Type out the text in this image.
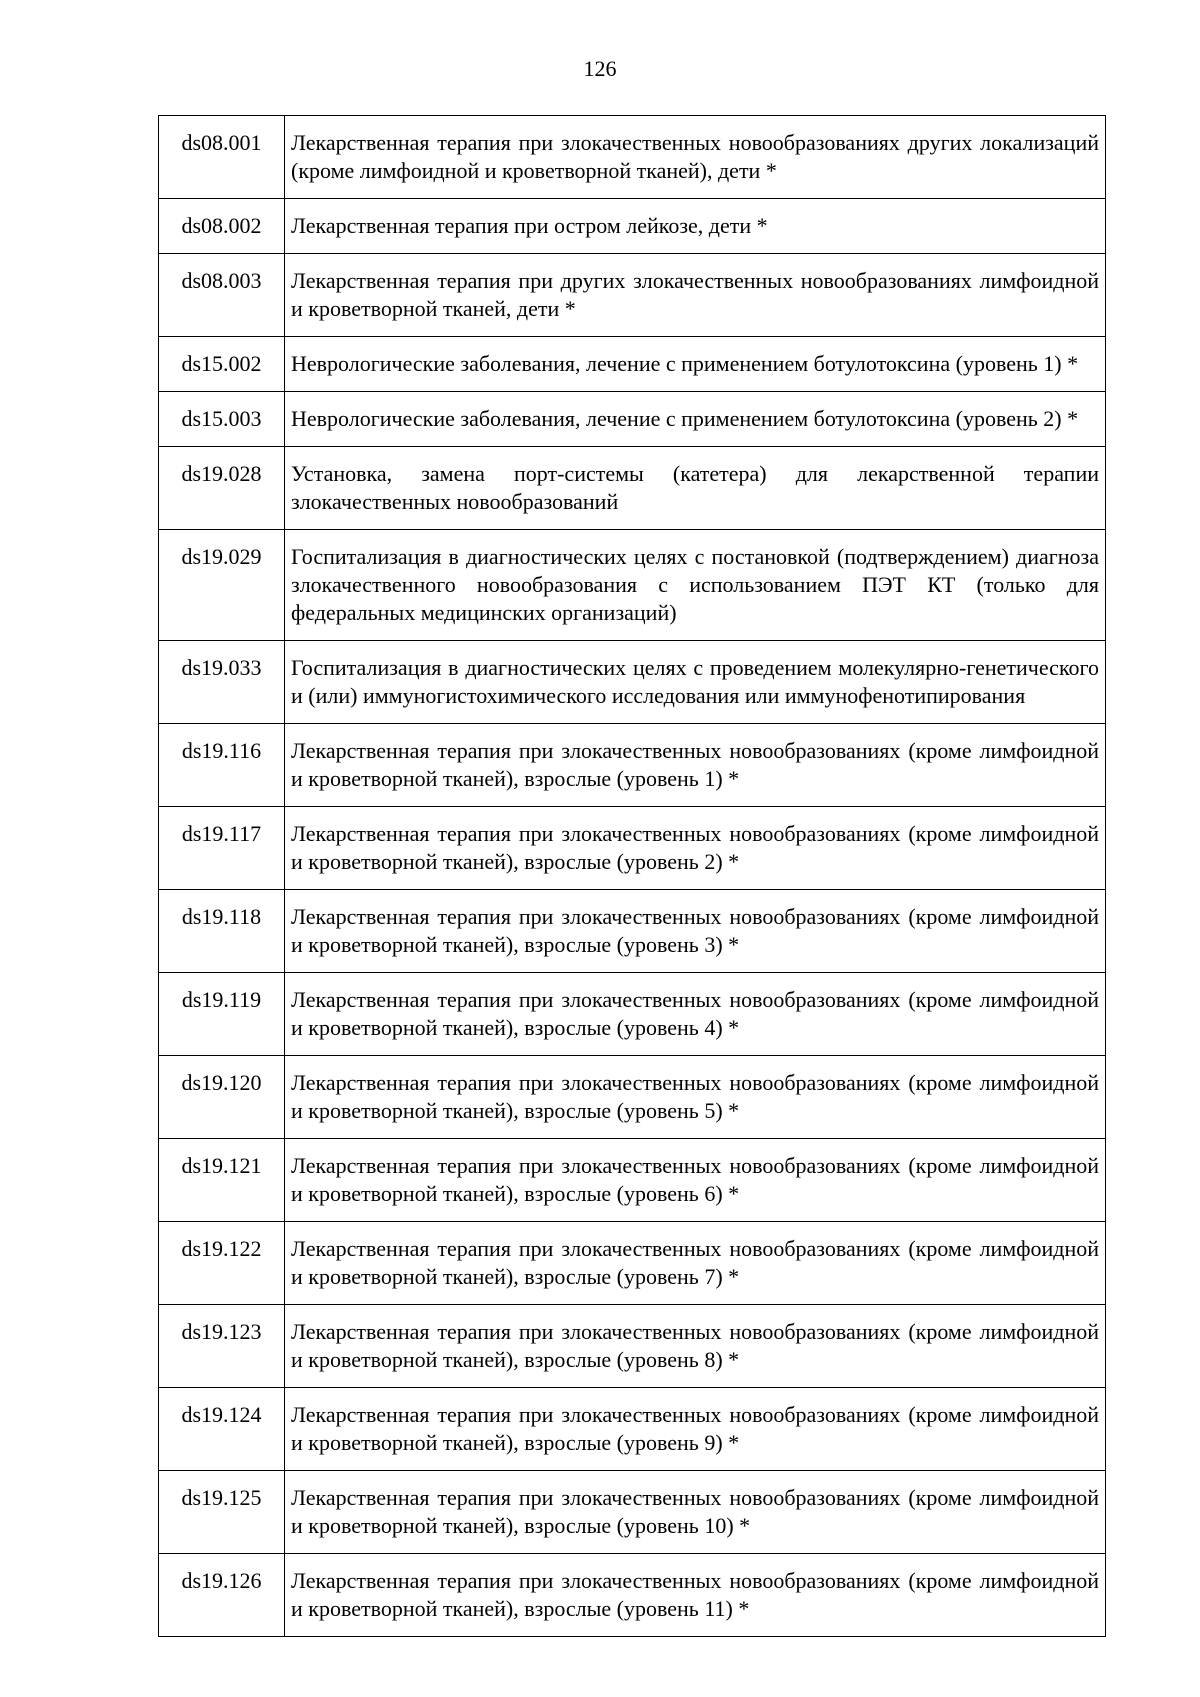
126
ds08.001	Лекарственная терапия при злокачественных новообразованиях других локализаций (кроме лимфоидной и кроветворной тканей), дети *
ds08.002	Лекарственная терапия при остром лейкозе, дети *
ds08.003	Лекарственная терапия при других злокачественных новообразованиях лимфоидной и кроветворной тканей, дети *
ds15.002	Неврологические заболевания, лечение с применением ботулотоксина (уровень 1) *
ds15.003	Неврологические заболевания, лечение с применением ботулотоксина (уровень 2) *
ds19.028	Установка, замена порт-системы (катетера) для лекарственной терапии злокачественных новообразований
ds19.029	Госпитализация в диагностических целях с постановкой (подтверждением) диагноза злокачественного новообразования с использованием ПЭТ КТ (только для федеральных медицинских организаций)
ds19.033	Госпитализация в диагностических целях с проведением молекулярно-генетического и (или) иммуногистохимического исследования или иммунофенотипирования
ds19.116	Лекарственная терапия при злокачественных новообразованиях (кроме лимфоидной и кроветворной тканей), взрослые (уровень 1) *
ds19.117	Лекарственная терапия при злокачественных новообразованиях (кроме лимфоидной и кроветворной тканей), взрослые (уровень 2) *
ds19.118	Лекарственная терапия при злокачественных новообразованиях (кроме лимфоидной и кроветворной тканей), взрослые (уровень 3) *
ds19.119	Лекарственная терапия при злокачественных новообразованиях (кроме лимфоидной и кроветворной тканей), взрослые (уровень 4) *
ds19.120	Лекарственная терапия при злокачественных новообразованиях (кроме лимфоидной и кроветворной тканей), взрослые (уровень 5) *
ds19.121	Лекарственная терапия при злокачественных новообразованиях (кроме лимфоидной и кроветворной тканей), взрослые (уровень 6) *
ds19.122	Лекарственная терапия при злокачественных новообразованиях (кроме лимфоидной и кроветворной тканей), взрослые (уровень 7) *
ds19.123	Лекарственная терапия при злокачественных новообразованиях (кроме лимфоидной и кроветворной тканей), взрослые (уровень 8) *
ds19.124	Лекарственная терапия при злокачественных новообразованиях (кроме лимфоидной и кроветворной тканей), взрослые (уровень 9) *
ds19.125	Лекарственная терапия при злокачественных новообразованиях (кроме лимфоидной и кроветворной тканей), взрослые (уровень 10) *
ds19.126	Лекарственная терапия при злокачественных новообразованиях (кроме лимфоидной и кроветворной тканей), взрослые (уровень 11) *
